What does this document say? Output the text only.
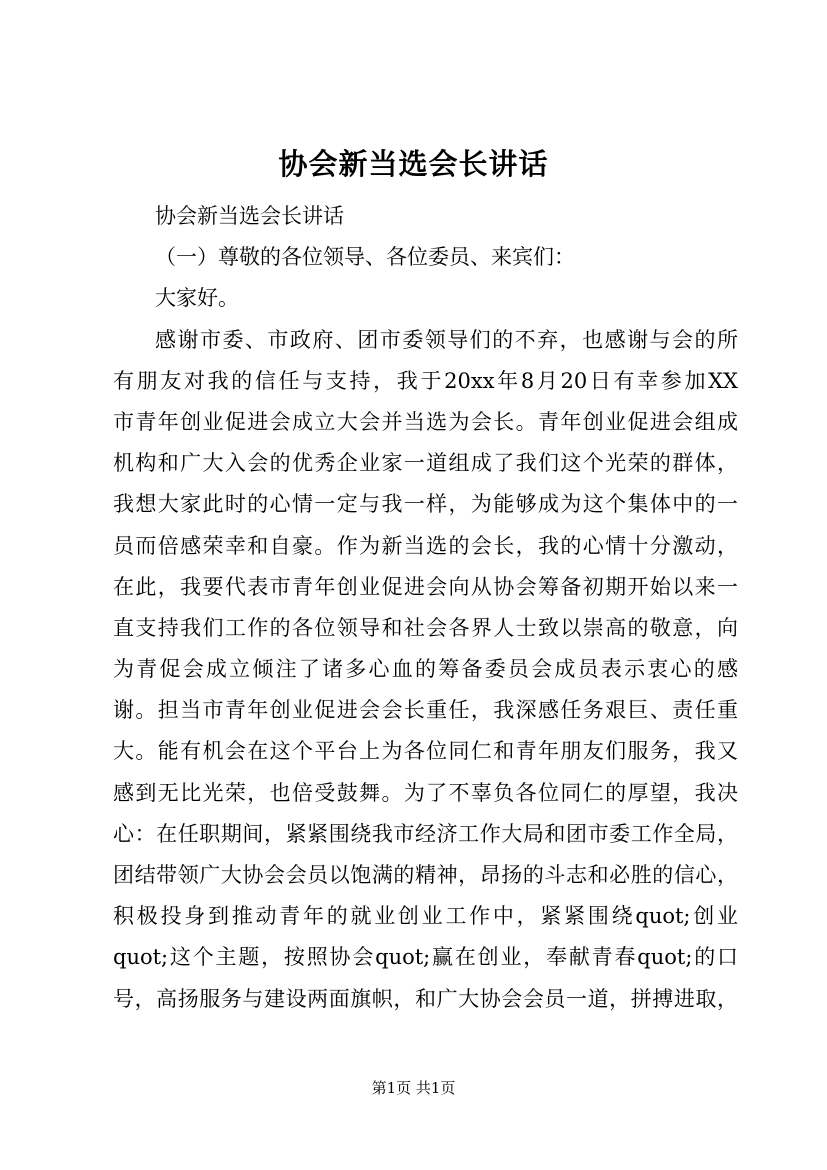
协会新当选会长讲话
协会新当选会长讲话
（一）尊敬的各位领导、各位委员、来宾们：
大家好。
感谢市委、市政府、团市委领导们的不弃，也感谢与会的所
有朋友对我的信任与支持，我于20xx年8月20日有幸参加XX
市青年创业促进会成立大会并当选为会长。青年创业促进会组成
机构和广大入会的优秀企业家一道组成了我们这个光荣的群体，
我想大家此时的心情一定与我一样，为能够成为这个集体中的一
员而倍感荣幸和自豪。作为新当选的会长，我的心情十分激动，
在此，我要代表市青年创业促进会向从协会筹备初期开始以来一
直支持我们工作的各位领导和社会各界人士致以崇高的敬意，向
为青促会成立倾注了诸多心血的筹备委员会成员表示衷心的感
谢。担当市青年创业促进会会长重任，我深感任务艰巨、责任重
大。能有机会在这个平台上为各位同仁和青年朋友们服务，我又
感到无比光荣，也倍受鼓舞。为了不辜负各位同仁的厚望，我决
心：在任职期间，紧紧围绕我市经济工作大局和团市委工作全局，
团结带领广大协会会员以饱满的精神，昂扬的斗志和必胜的信心，
积极投身到推动青年的就业创业工作中，紧紧围绕quot;创业
quot;这个主题，按照协会quot;赢在创业，奉献青春quot;的口
号，高扬服务与建设两面旗帜，和广大协会会员一道，拼搏进取，
第1页 共1页
